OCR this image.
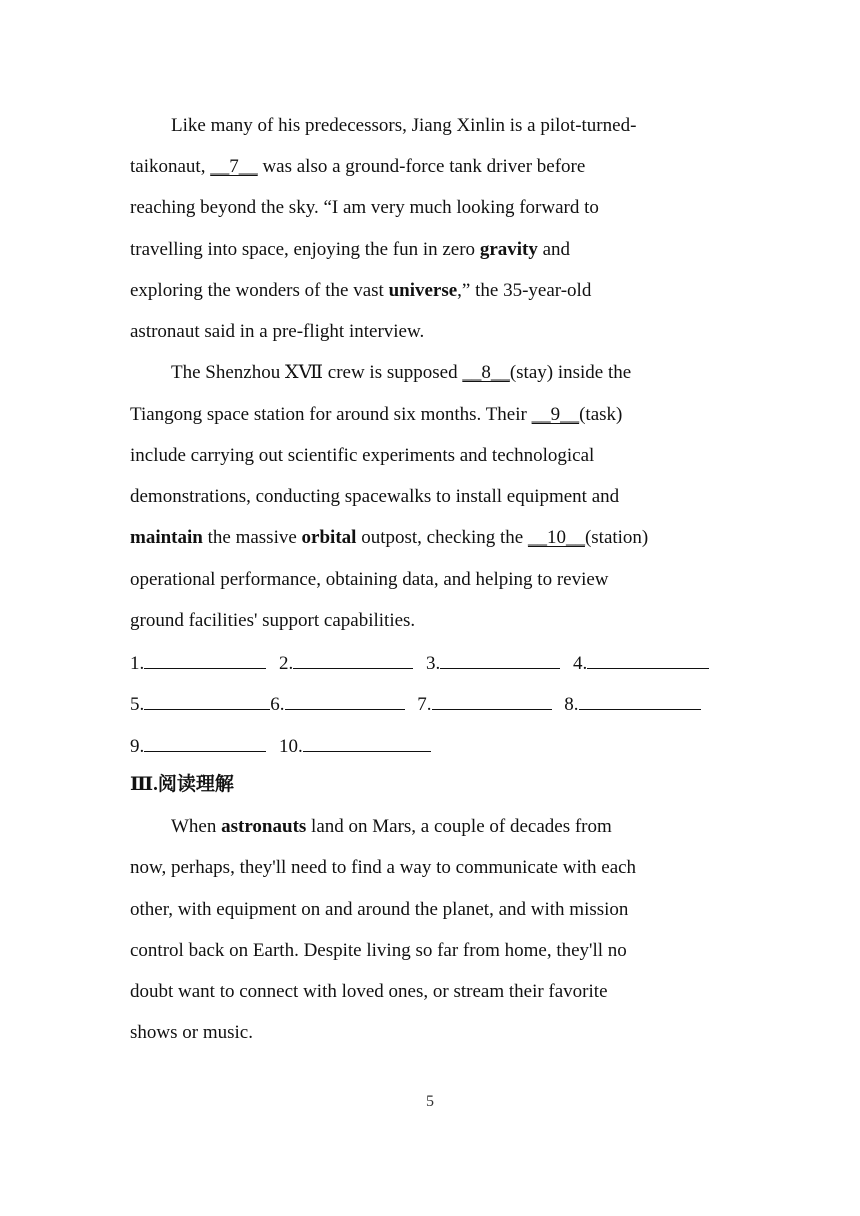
Like many of his predecessors, Jiang Xinlin is a pilot-turned-
taikonaut, __7__ was also a ground-force tank driver before
reaching beyond the sky. “I am very much looking forward to
travelling into space, enjoying the fun in zero gravity and
exploring the wonders of the vast universe,” the 35-year-old
astronaut said in a pre-flight interview.
The Shenzhou ⅩⅦ crew is supposed __8__(stay) inside the
Tiangong space station for around six months. Their __9__(task)
include carrying out scientific experiments and technological
demonstrations, conducting spacewalks to install equipment and
maintain the massive orbital outpost, checking the __10__(station)
operational performance, obtaining data, and helping to review
ground facilities' support capabilities.
1.	2.	3.	4.
5.	6.	7.	8.
9.	10.
Ⅲ.阅读理解
When astronauts land on Mars, a couple of decades from
now, perhaps, they'll need to find a way to communicate with each
other, with equipment on and around the planet, and with mission
control back on Earth. Despite living so far from home, they'll no
doubt want to connect with loved ones, or stream their favorite
shows or music.
5
